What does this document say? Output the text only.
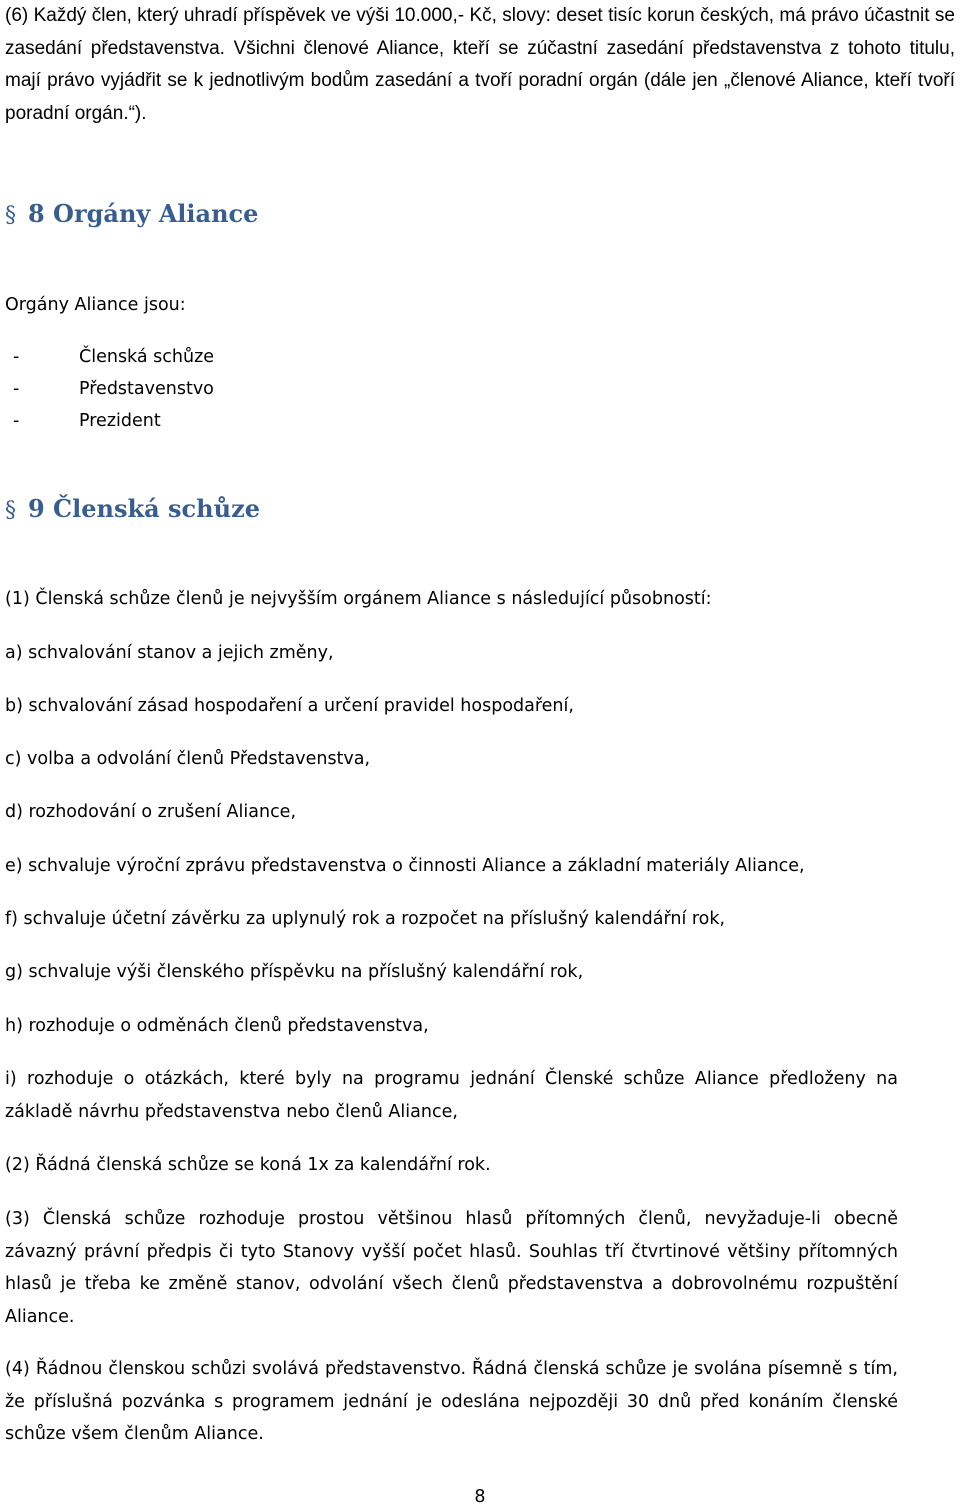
(6) Každý člen, který uhradí příspěvek ve výši 10.000,- Kč, slovy: deset tisíc korun českých, má právo účastnit se zasedání představenstva. Všichni členové Aliance, kteří se zúčastní zasedání představenstva z tohoto titulu, mají právo vyjádřit se k jednotlivým bodům zasedání a tvoří poradní orgán (dále jen „členové Aliance, kteří tvoří poradní orgán.“).

§ 8 Orgány Aliance

Orgány Aliance jsou:

-	Členská schůze
-	Představenstvo
-	Prezident
§ 9 Členská schůze

(1) Členská schůze členů je nejvyšším orgánem Aliance s následující působností:

a) schvalování stanov a jejich změny,

b) schvalování zásad hospodaření a určení pravidel hospodaření,

c) volba a odvolání členů Představenstva,

d) rozhodování o zrušení Aliance,

e) schvaluje výroční zprávu představenstva o činnosti Aliance a základní materiály Aliance,

f) schvaluje účetní závěrku za uplynulý rok a rozpočet na příslušný kalendářní rok,

g) schvaluje výši členského příspěvku na příslušný kalendářní rok,

h) rozhoduje o odměnách členů představenstva,

i) rozhoduje o otázkách, které byly na programu jednání Členské schůze Aliance předloženy na základě návrhu představenstva nebo členů Aliance,

(2) Řádná členská schůze se koná 1x za kalendářní rok.

(3) Členská schůze rozhoduje prostou většinou hlasů přítomných členů, nevyžaduje-li obecně závazný právní předpis či tyto Stanovy vyšší počet hlasů. Souhlas tří čtvrtinové většiny přítomných hlasů je třeba ke změně stanov, odvolání všech členů představenstva a dobrovolnému rozpuštění Aliance.

(4) Řádnou členskou schůzi svolává představenstvo. Řádná členská schůze je svolána písemně s tím, že příslušná pozvánka s programem jednání je odeslána nejpozději 30 dnů před konáním členské schůze všem členům Aliance.

8
